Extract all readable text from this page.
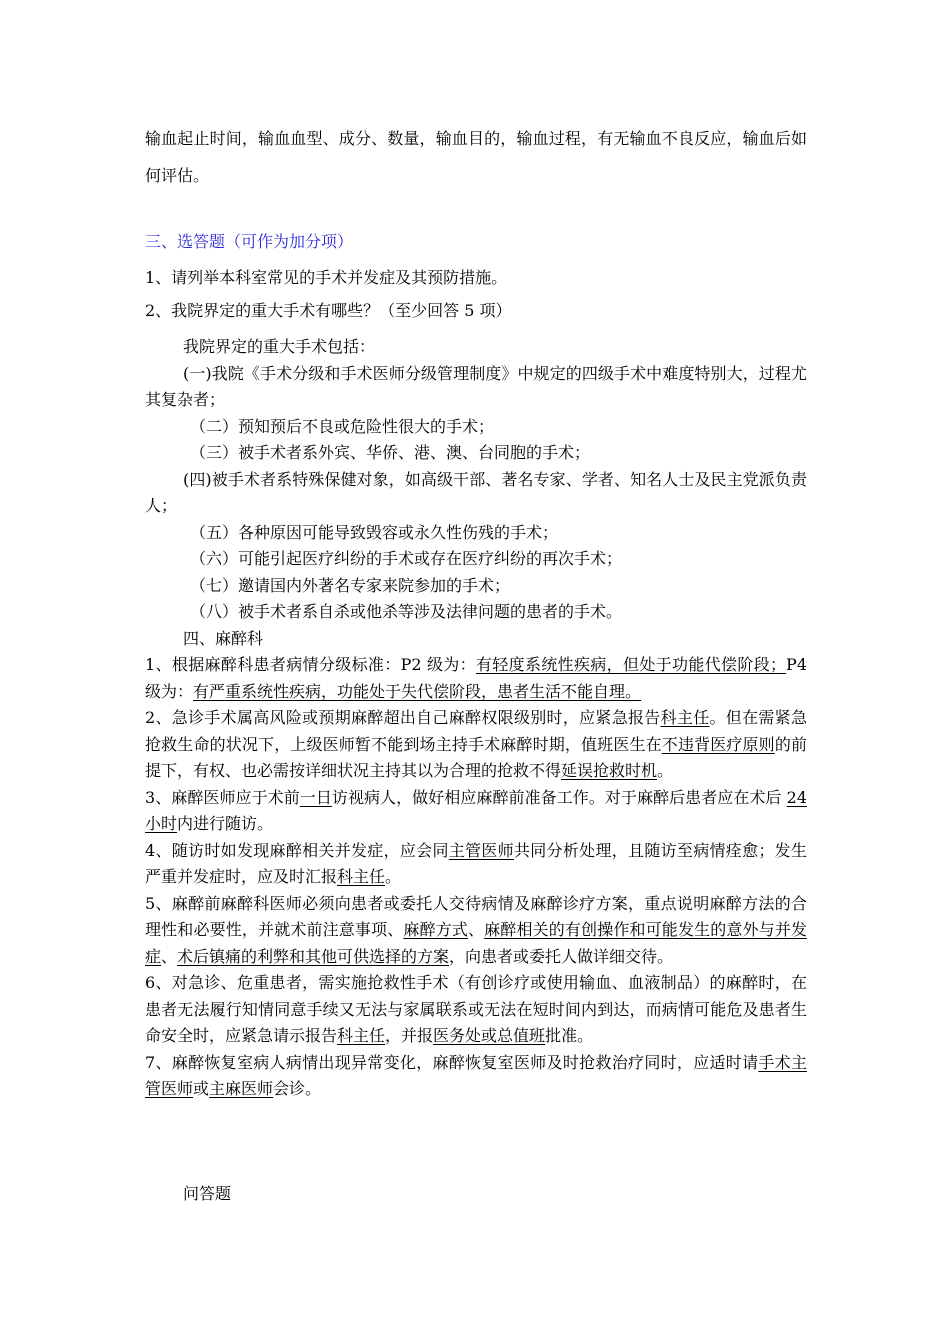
输血起止时间，输血血型、成分、数量，输血目的，输血过程，有无输血不良反应，输血后如何评估。

三、选答题（可作为加分项）

1、请列举本科室常见的手术并发症及其预防措施。

2、我院界定的重大手术有哪些？（至少回答 5 项）

我院界定的重大手术包括：

(一)我院《手术分级和手术医师分级管理制度》中规定的四级手术中难度特别大，过程尤其复杂者；

（二）预知预后不良或危险性很大的手术；

（三）被手术者系外宾、华侨、港、澳、台同胞的手术；

(四)被手术者系特殊保健对象，如高级干部、著名专家、学者、知名人士及民主党派负责人；

（五）各种原因可能导致毁容或永久性伤残的手术；

（六）可能引起医疗纠纷的手术或存在医疗纠纷的再次手术；

（七）邀请国内外著名专家来院参加的手术；

（八）被手术者系自杀或他杀等涉及法律问题的患者的手术。

四、麻醉科

1、根据麻醉科患者病情分级标准：P2 级为：有轻度系统性疾病，但处于功能代偿阶段；P4 级为：有严重系统性疾病，功能处于失代偿阶段，患者生活不能自理。

2、急诊手术属高风险或预期麻醉超出自己麻醉权限级别时，应紧急报告科主任。但在需紧急抢救生命的状况下，上级医师暂不能到场主持手术麻醉时期，值班医生在不违背医疗原则的前提下，有权、也必需按详细状况主持其以为合理的抢救不得延误抢救时机。

3、麻醉医师应于术前一日访视病人，做好相应麻醉前准备工作。对于麻醉后患者应在术后 24 小时内进行随访。

4、随访时如发现麻醉相关并发症，应会同主管医师共同分析处理，且随访至病情痊愈；发生严重并发症时，应及时汇报科主任。

5、麻醉前麻醉科医师必须向患者或委托人交待病情及麻醉诊疗方案，重点说明麻醉方法的合理性和必要性，并就术前注意事项、麻醉方式、麻醉相关的有创操作和可能发生的意外与并发症、术后镇痛的利弊和其他可供选择的方案，向患者或委托人做详细交待。

6、对急诊、危重患者，需实施抢救性手术（有创诊疗或使用输血、血液制品）的麻醉时，在患者无法履行知情同意手续又无法与家属联系或无法在短时间内到达，而病情可能危及患者生命安全时，应紧急请示报告科主任，并报医务处或总值班批准。

7、麻醉恢复室病人病情出现异常变化，麻醉恢复室医师及时抢救治疗同时，应适时请手术主管医师或主麻医师会诊。

问答题
